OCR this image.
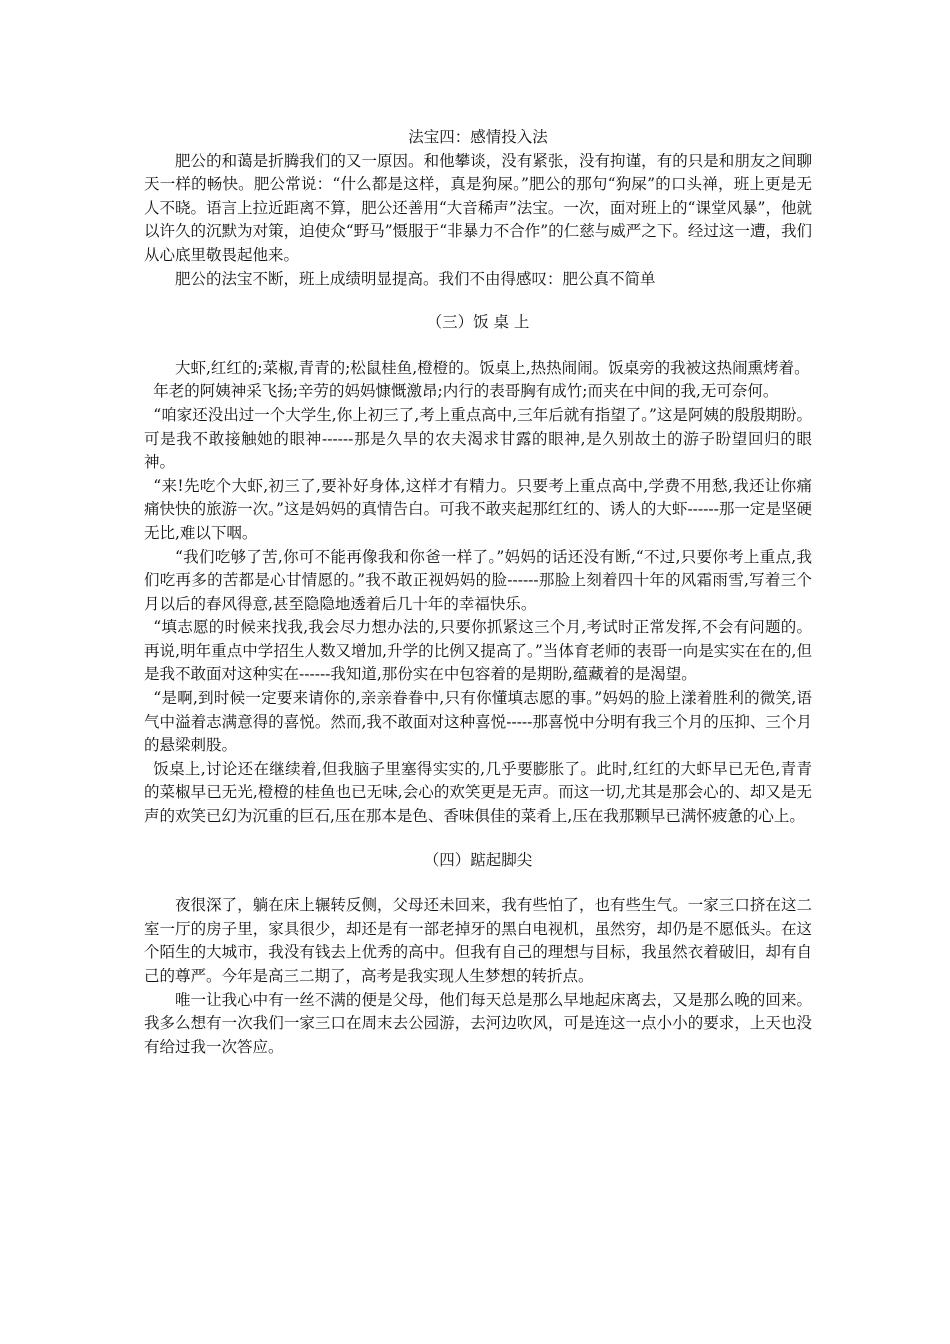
法宝四：感情投入法

肥公的和蔼是折腾我们的又一原因。和他攀谈，没有紧张，没有拘谨，有的只是和朋友之间聊天一样的畅快。肥公常说：“什么都是这样，真是狗屎。”肥公的那句“狗屎”的口头禅，班上更是无人不晓。语言上拉近距离不算，肥公还善用“大音稀声”法宝。一次，面对班上的“课堂风暴”，他就以许久的沉默为对策，迫使众“野马”慑服于“非暴力不合作”的仁慈与威严之下。经过这一遭，我们从心底里敬畏起他来。

肥公的法宝不断，班上成绩明显提高。我们不由得感叹：肥公真不简单

（三）饭 桌 上

大虾,红红的;菜椒,青青的;松鼠桂鱼,橙橙的。饭桌上,热热闹闹。饭桌旁的我被这热闹熏烤着。

年老的阿姨神采飞扬;辛劳的妈妈慷慨激昂;内行的表哥胸有成竹;而夹在中间的我,无可奈何。

“咱家还没出过一个大学生,你上初三了,考上重点高中,三年后就有指望了。”这是阿姨的殷殷期盼。可是我不敢接触她的眼神------那是久旱的农夫渴求甘露的眼神,是久别故土的游子盼望回归的眼神。

“来!先吃个大虾,初三了,要补好身体,这样才有精力。只要考上重点高中,学费不用愁,我还让你痛痛快快的旅游一次。”这是妈妈的真情告白。可我不敢夹起那红红的、诱人的大虾------那一定是坚硬无比,难以下咽。

“我们吃够了苦,你可不能再像我和你爸一样了。”妈妈的话还没有断,“不过,只要你考上重点,我们吃再多的苦都是心甘情愿的。”我不敢正视妈妈的脸------那脸上刻着四十年的风霜雨雪,写着三个月以后的春风得意,甚至隐隐地透着后几十年的幸福快乐。

“填志愿的时候来找我,我会尽力想办法的,只要你抓紧这三个月,考试时正常发挥,不会有问题的。再说,明年重点中学招生人数又增加,升学的比例又提高了。”当体育老师的表哥一向是实实在在的,但是我不敢面对这种实在------我知道,那份实在中包容着的是期盼,蕴藏着的是渴望。

“是啊,到时候一定要来请你的,亲亲眷眷中,只有你懂填志愿的事。”妈妈的脸上漾着胜利的微笑,语气中溢着志满意得的喜悦。然而,我不敢面对这种喜悦-----那喜悦中分明有我三个月的压抑、三个月的悬梁刺股。

饭桌上,讨论还在继续着,但我脑子里塞得实实的,几乎要膨胀了。此时,红红的大虾早已无色,青青的菜椒早已无光,橙橙的桂鱼也已无味,会心的欢笑更是无声。而这一切,尤其是那会心的、却又是无声的欢笑已幻为沉重的巨石,压在那本是色、香味俱佳的菜肴上,压在我那颗早已满怀疲惫的心上。

（四）踮起脚尖

夜很深了，躺在床上辗转反侧，父母还未回来，我有些怕了，也有些生气。一家三口挤在这二室一厅的房子里，家具很少，却还是有一部老掉牙的黑白电视机，虽然穷，却仍是不愿低头。在这个陌生的大城市，我没有钱去上优秀的高中。但我有自己的理想与目标，我虽然衣着破旧，却有自己的尊严。今年是高三二期了，高考是我实现人生梦想的转折点。

唯一让我心中有一丝不满的便是父母，他们每天总是那么早地起床离去，又是那么晚的回来。我多么想有一次我们一家三口在周末去公园游，去河边吹风，可是连这一点小小的要求，上天也没有给过我一次答应。
